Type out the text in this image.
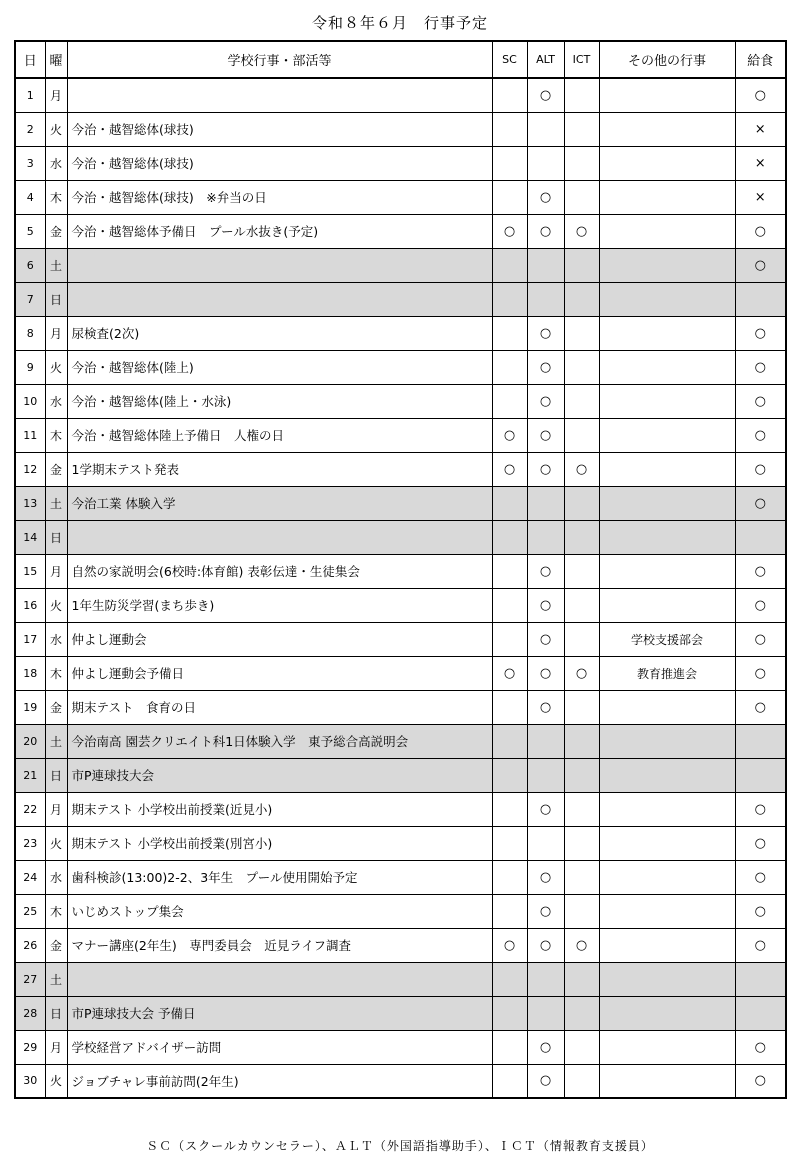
令和８年６月　行事予定
日	曜	学校行事・部活等	SC	ALT	ICT	その他の行事	給食
1	月			○			○
2	火	今治・越智総体(球技)					×
3	水	今治・越智総体(球技)					×
4	木	今治・越智総体(球技)　※弁当の日		○			×
5	金	今治・越智総体予備日　プール水抜き(予定)	○	○	○		○
6	土						○
7	日						
8	月	尿検査(2次)		○			○
9	火	今治・越智総体(陸上)		○			○
10	水	今治・越智総体(陸上・水泳)		○			○
11	木	今治・越智総体陸上予備日　人権の日	○	○			○
12	金	1学期末テスト発表	○	○	○		○
13	土	今治工業 体験入学					○
14	日						
15	月	自然の家説明会(6校時:体育館) 表彰伝達・生徒集会		○			○
16	火	1年生防災学習(まち歩き)		○			○
17	水	仲よし運動会		○		学校支援部会	○
18	木	仲よし運動会予備日	○	○	○	教育推進会	○
19	金	期末テスト　食育の日		○			○
20	土	今治南高 園芸クリエイト科1日体験入学　東予総合高説明会					
21	日	市P連球技大会					
22	月	期末テスト 小学校出前授業(近見小)		○			○
23	火	期末テスト 小学校出前授業(別宮小)					○
24	水	歯科検診(13:00)2-2、3年生　プール使用開始予定		○			○
25	木	いじめストップ集会		○			○
26	金	マナー講座(2年生)　専門委員会　近見ライフ調査	○	○	○		○
27	土						
28	日	市P連球技大会 予備日					
29	月	学校経営アドバイザー訪問		○			○
30	火	ジョブチャレ事前訪問(2年生)		○			○
ＳＣ（スクールカウンセラー）、ＡＬＴ（外国語指導助手）、ＩＣＴ（情報教育支援員）
